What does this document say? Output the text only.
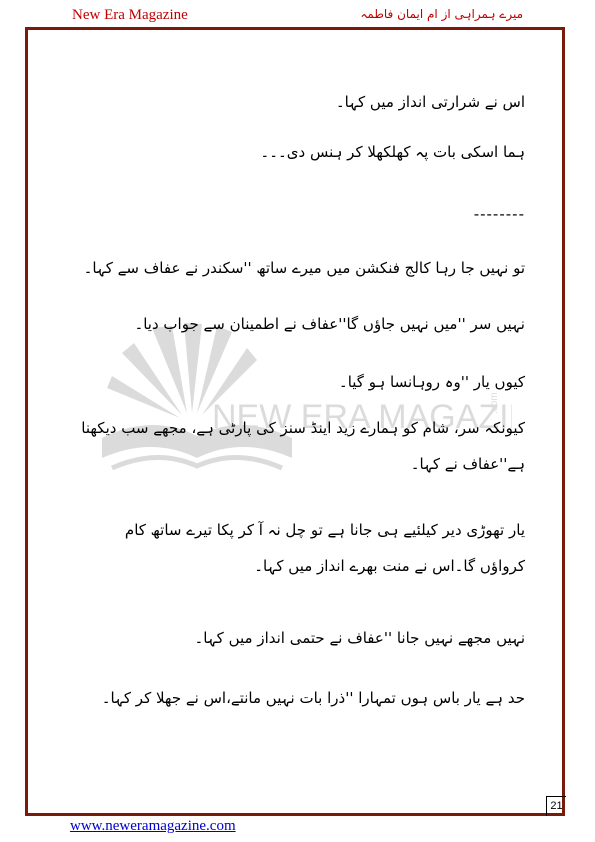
New Era Magazine	میرے ہمراہی از ام ایمان فاطمہ
NEW ERA MAGAZI
.com
اس نے شرارتی انداز میں کہا۔
ہما اسکی بات پہ کھلکھلا کر ہنس دی۔۔۔
--------
تو نہیں جا رہا کالج فنکشن میں میرے ساتھ ''سکندر نے عفاف سے کہا۔
نہیں سر ''میں نہیں جاؤں گا''عفاف نے اطمینان سے جواب دیا۔
کیوں یار ''وہ روہانسا ہو گیا۔
کیونکہ سر، شام کو ہمارے زید اینڈ سنز کی پارٹی ہے، مجھے سب دیکھنا ہے''عفاف نے کہا۔
یار تھوڑی دیر کیلئیے ہی جانا ہے تو چل نہ آ کر پکا تیرے ساتھ کام کرواؤں گا۔اس نے منت بھرے انداز میں کہا۔
نہیں مجھے نہیں جانا ''عفاف نے حتمی انداز میں کہا۔
حد ہے یار باس ہوں تمہارا ''ذرا بات نہیں مانتے،اس نے جھلا کر کہا۔
21
www.neweramagazine.com
